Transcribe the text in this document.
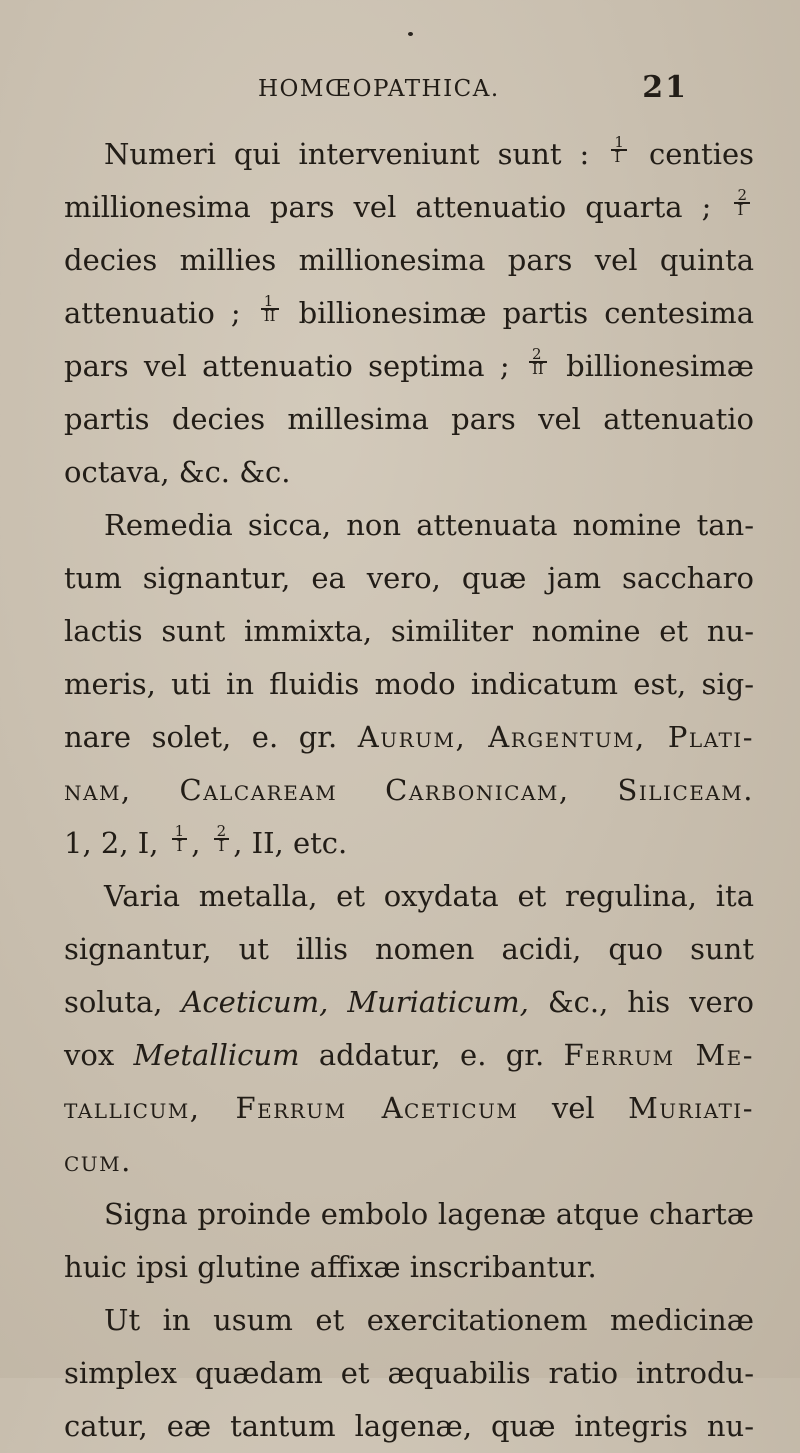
HOMŒOPATHICA.	21
Numeri qui interveniunt sunt : $\frac{1}{I}$ centies
millionesima pars vel attenuatio quarta ; $\frac{2}{I}$
decies millies millionesima pars vel quinta
attenuatio ; $\frac{1}{II}$ billionesimæ partis centesima
pars vel attenuatio septima ; $\frac{2}{II}$ billionesimæ
partis decies millesima pars vel attenuatio
octava, &c. &c.
Remedia sicca, non attenuata nomine tan-
tum signantur, ea vero, quæ jam saccharo
lactis sunt immixta, similiter nomine et nu-
meris, uti in fluidis modo indicatum est, sig-
nare solet, e. gr. Aurum, Argentum, Plati-
nam, Calcaream Carbonicam, Siliceam.
1, 2, I, $\frac{1}{I}$ , $\frac{2}{I}$ , II, etc.
Varia metalla, et oxydata et regulina, ita
signantur, ut illis nomen acidi, quo sunt
soluta, Aceticum, Muriaticum, &c., his vero
vox Metallicum addatur, e. gr. Ferrum Me-
tallicum, Ferrum Aceticum vel Muriati-
cum.
Signa proinde embolo lagenæ atque chartæ
huic ipsi glutine affixæ inscribantur.
Ut in usum et exercitationem medicinæ
simplex quædam et æquabilis ratio introdu-
catur, eæ tantum lagenæ, quæ integris nu-
